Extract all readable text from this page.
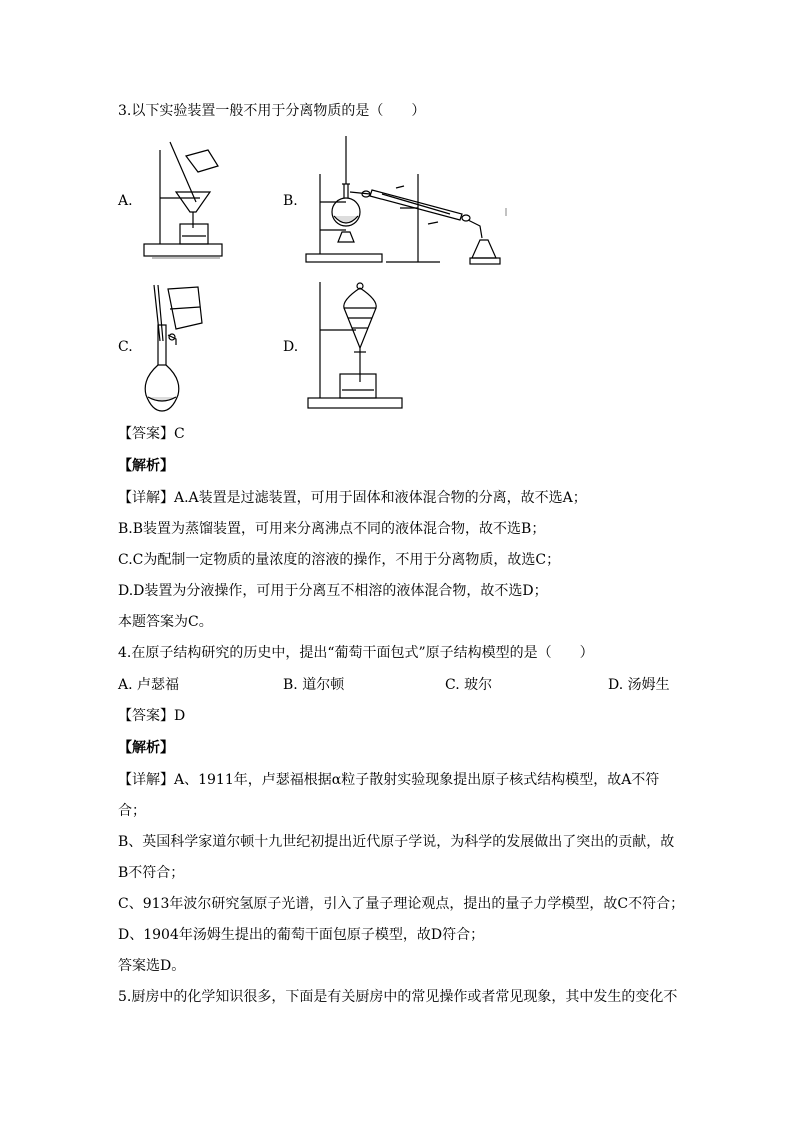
3.以下实验装置一般不用于分离物质的是（　　）
A.	B.
C.	D.
【答案】C
【解析】
【详解】A.A装置是过滤装置，可用于固体和液体混合物的分离，故不选A；
B.B装置为蒸馏装置，可用来分离沸点不同的液体混合物，故不选B；
C.C为配制一定物质的量浓度的溶液的操作，不用于分离物质，故选C；
D.D装置为分液操作，可用于分离互不相溶的液体混合物，故不选D；
本题答案为C。
4.在原子结构研究的历史中，提出“葡萄干面包式”原子结构模型的是（　　）
A. 卢瑟福	B. 道尔顿	C. 玻尔	D. 汤姆生
【答案】D
【解析】
【详解】A、1911年，卢瑟福根据α粒子散射实验现象提出原子核式结构模型，故A不符
合；
B、英国科学家道尔顿十九世纪初提出近代原子学说，为科学的发展做出了突出的贡献，故
B不符合；
C、913年波尔研究氢原子光谱，引入了量子理论观点，提出的量子力学模型，故C不符合；
D、1904年汤姆生提出的葡萄干面包原子模型，故D符合；
答案选D。
5.厨房中的化学知识很多，下面是有关厨房中的常见操作或者常见现象，其中发生的变化不
